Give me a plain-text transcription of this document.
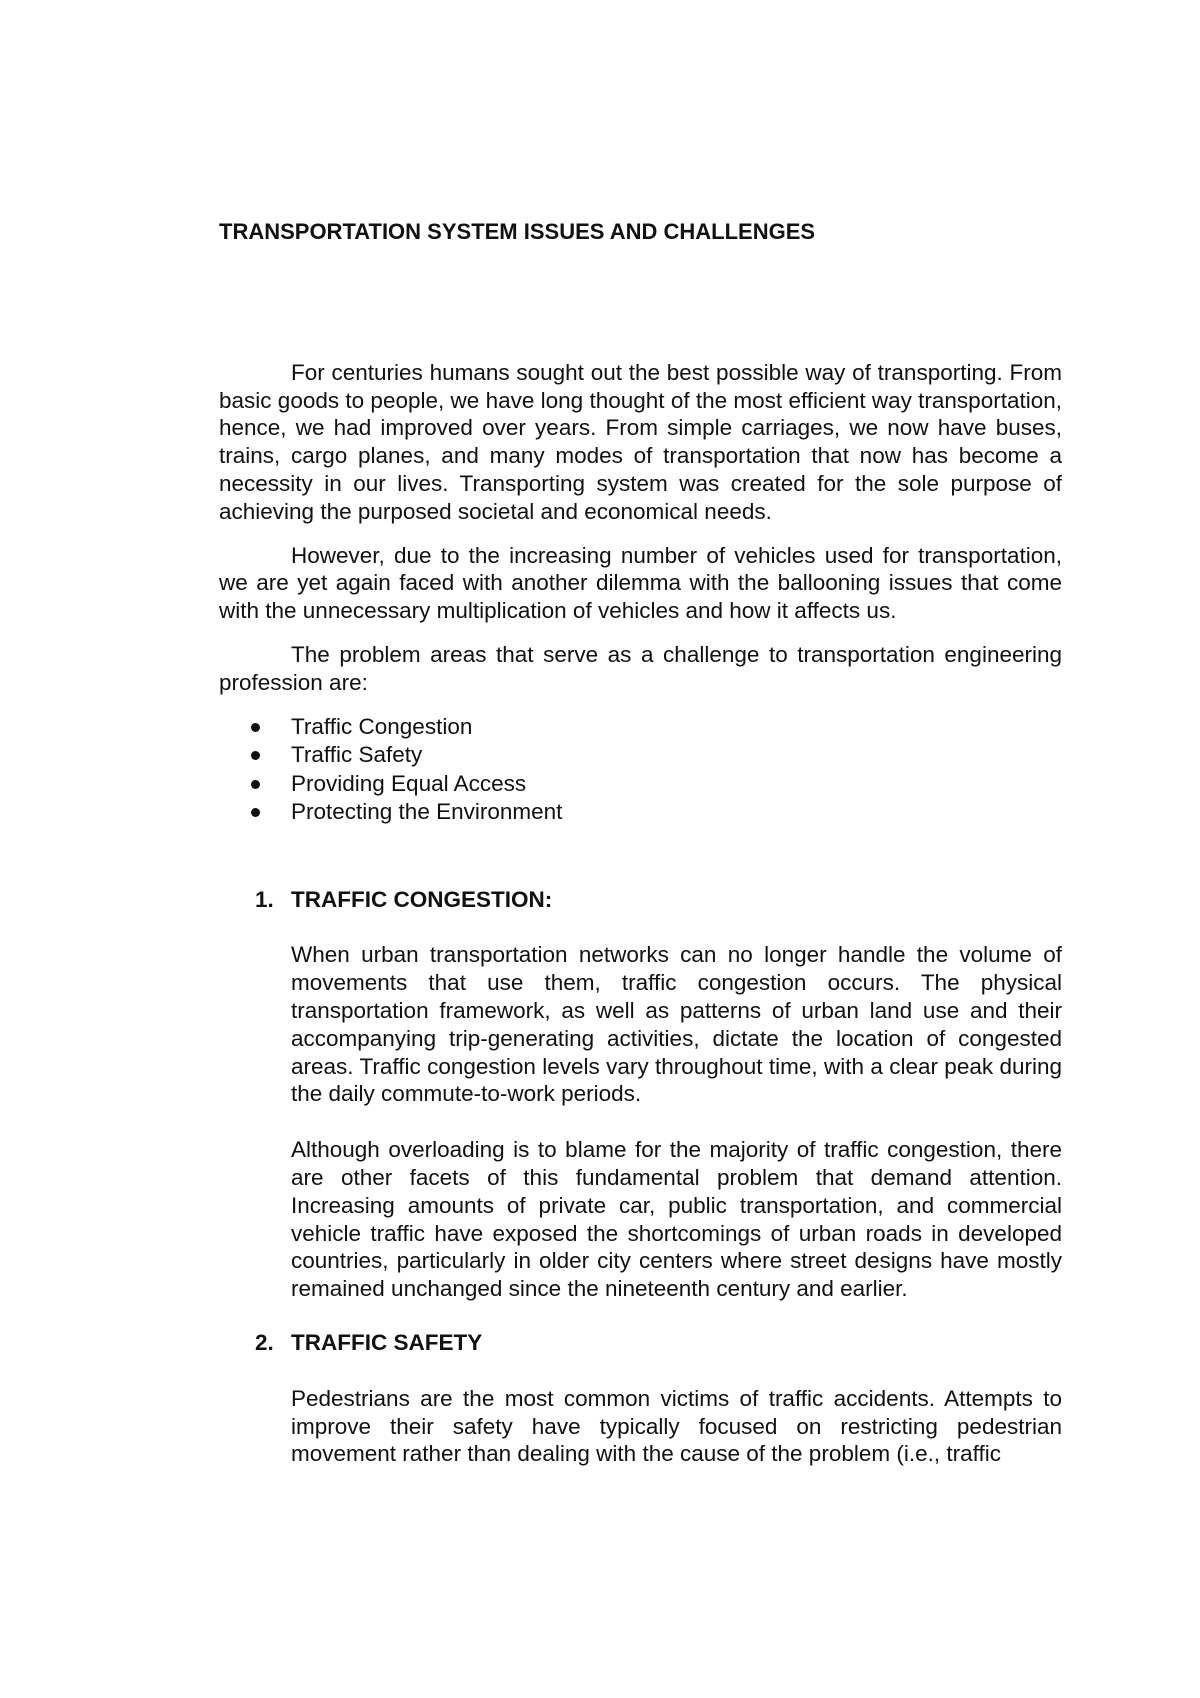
TRANSPORTATION SYSTEM ISSUES AND CHALLENGES

For centuries humans sought out the best possible way of transporting. From basic goods to people, we have long thought of the most efficient way transportation, hence, we had improved over years. From simple carriages, we now have buses, trains, cargo planes, and many modes of transportation that now has become a necessity in our lives. Transporting system was created for the sole purpose of achieving the purposed societal and economical needs.

However, due to the increasing number of vehicles used for transportation, we are yet again faced with another dilemma with the ballooning issues that come with the unnecessary multiplication of vehicles and how it affects us.

The problem areas that serve as a challenge to transportation engineering profession are:

Traffic Congestion
Traffic Safety
Providing Equal Access
Protecting the Environment
1. TRAFFIC CONGESTION:

When urban transportation networks can no longer handle the volume of movements that use them, traffic congestion occurs. The physical transportation framework, as well as patterns of urban land use and their accompanying trip-generating activities, dictate the location of congested areas. Traffic congestion levels vary throughout time, with a clear peak during the daily commute-to-work periods.

Although overloading is to blame for the majority of traffic congestion, there are other facets of this fundamental problem that demand attention. Increasing amounts of private car, public transportation, and commercial vehicle traffic have exposed the shortcomings of urban roads in developed countries, particularly in older city centers where street designs have mostly remained unchanged since the nineteenth century and earlier.

2. TRAFFIC SAFETY

Pedestrians are the most common victims of traffic accidents. Attempts to improve their safety have typically focused on restricting pedestrian movement rather than dealing with the cause of the problem (i.e., traffic
